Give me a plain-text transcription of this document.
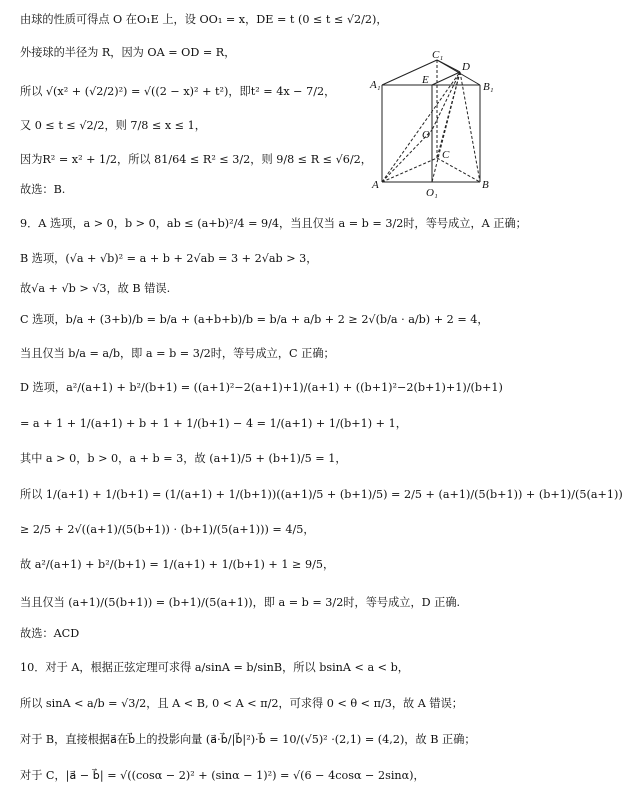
由球的性质可得点 O 在O₁E 上，设 OO₁ = x，DE = t (0 ≤ t ≤ √2/2)，
外接球的半径为 R，因为 OA = OD = R，
所以 √(x² + (√2/2)²) = √((2 − x)² + t²)，即t² = 4x − 7/2，
又 0 ≤ t ≤ √2/2，则 7/8 ≤ x ≤ 1，
因为R² = x² + 1/2，所以 81/64 ≤ R² ≤ 3/2，则 9/8 ≤ R ≤ √6/2，
故选：B.
9．A 选项，a > 0，b > 0，ab ≤ (a+b)²/4 = 9/4，当且仅当 a = b = 3/2时，等号成立，A 正确；
B 选项，(√a + √b)² = a + b + 2√ab = 3 + 2√ab > 3，
故√a + √b > √3，故 B 错误.
C 选项，b/a + (3+b)/b = b/a + (a+b+b)/b = b/a + a/b + 2 ≥ 2√(b/a · a/b) + 2 = 4，
当且仅当 b/a = a/b，即 a = b = 3/2时，等号成立，C 正确；
D 选项，a²/(a+1) + b²/(b+1) = ((a+1)²−2(a+1)+1)/(a+1) + ((b+1)²−2(b+1)+1)/(b+1)
= a + 1 + 1/(a+1) + b + 1 + 1/(b+1) − 4 = 1/(a+1) + 1/(b+1) + 1，
其中 a > 0，b > 0，a + b = 3，故 (a+1)/5 + (b+1)/5 = 1，
所以 1/(a+1) + 1/(b+1) = (1/(a+1) + 1/(b+1))((a+1)/5 + (b+1)/5) = 2/5 + (a+1)/(5(b+1)) + (b+1)/(5(a+1))
≥ 2/5 + 2√((a+1)/(5(b+1)) · (b+1)/(5(a+1))) = 4/5，
故 a²/(a+1) + b²/(b+1) = 1/(a+1) + 1/(b+1) + 1 ≥ 9/5，
当且仅当 (a+1)/(5(b+1)) = (b+1)/(5(a+1))，即 a = b = 3/2时，等号成立，D 正确.
故选：ACD
10．对于 A，根据正弦定理可求得 a/sinA = b/sinB，所以 bsinA < a < b，
所以 sinA < a/b = √3/2，且 A < B, 0 < A < π/2，可求得 0 < θ < π/3，故 A 错误；
对于 B，直接根据a⃗在b⃗上的投影向量 (a⃗·b⃗/|b⃗|²)·b⃗ = 10/(√5)² ·(2,1) = (4,2)，故 B 正确；
对于 C，|a⃗ − b⃗| = √((cosα − 2)² + (sinα − 1)²) = √(6 − 4cosα − 2sinα)，
C₁
A₁	E
D
B₁
O
C
A
O₁
B
